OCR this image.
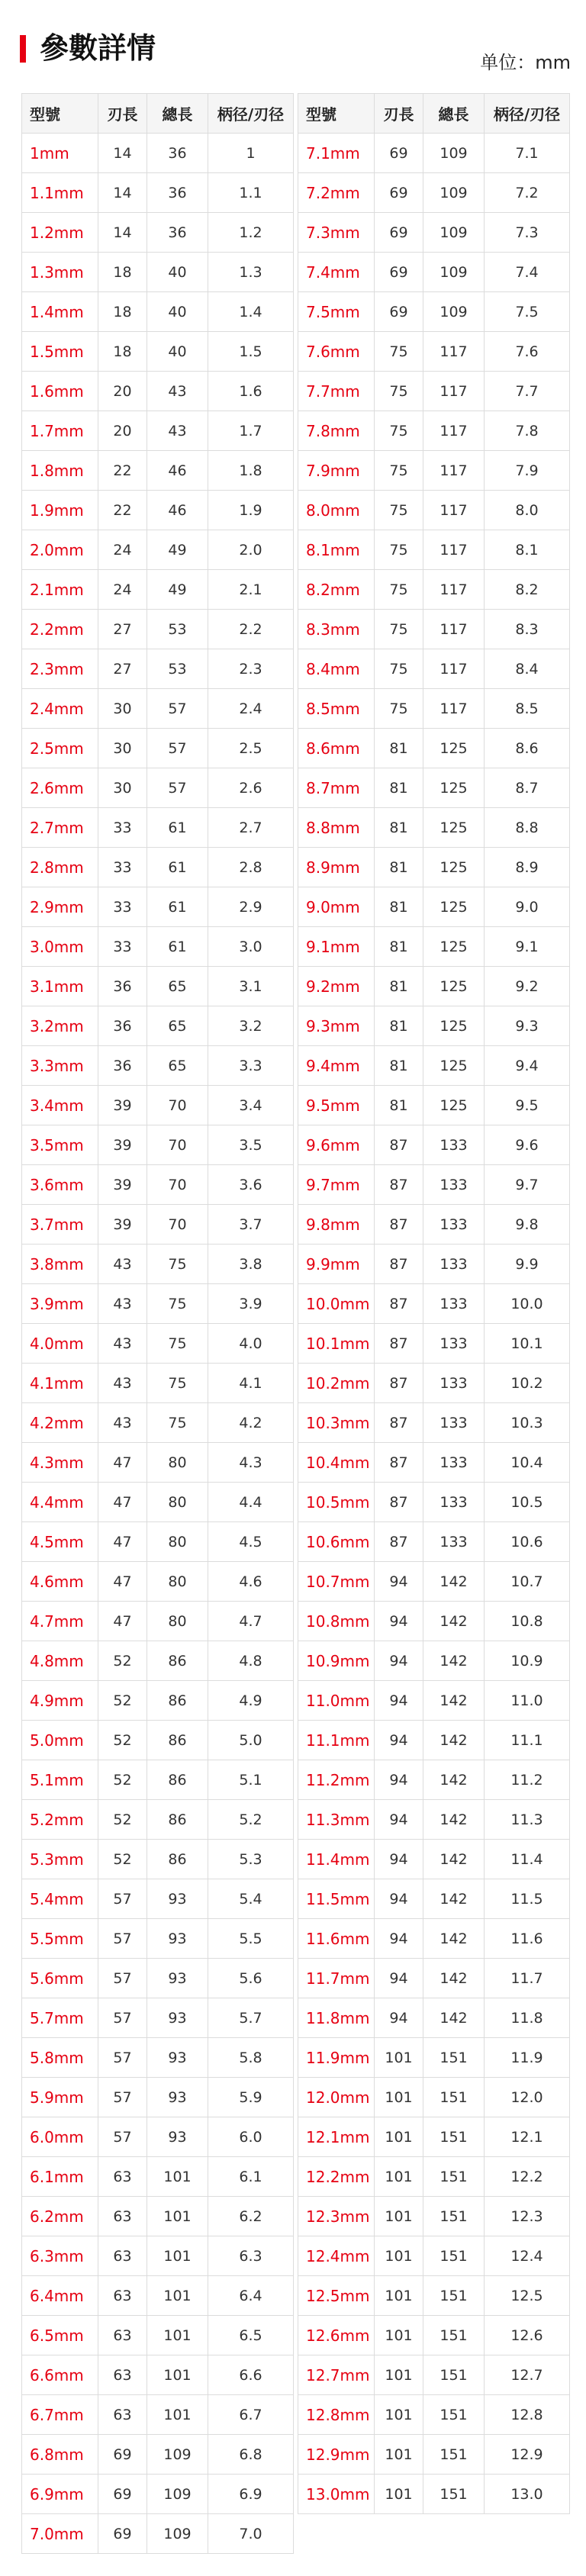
參數詳情	单位：mm
型號	刃長	總長	柄径/刃径
1mm	14	36	1
1.1mm	14	36	1.1
1.2mm	14	36	1.2
1.3mm	18	40	1.3
1.4mm	18	40	1.4
1.5mm	18	40	1.5
1.6mm	20	43	1.6
1.7mm	20	43	1.7
1.8mm	22	46	1.8
1.9mm	22	46	1.9
2.0mm	24	49	2.0
2.1mm	24	49	2.1
2.2mm	27	53	2.2
2.3mm	27	53	2.3
2.4mm	30	57	2.4
2.5mm	30	57	2.5
2.6mm	30	57	2.6
2.7mm	33	61	2.7
2.8mm	33	61	2.8
2.9mm	33	61	2.9
3.0mm	33	61	3.0
3.1mm	36	65	3.1
3.2mm	36	65	3.2
3.3mm	36	65	3.3
3.4mm	39	70	3.4
3.5mm	39	70	3.5
3.6mm	39	70	3.6
3.7mm	39	70	3.7
3.8mm	43	75	3.8
3.9mm	43	75	3.9
4.0mm	43	75	4.0
4.1mm	43	75	4.1
4.2mm	43	75	4.2
4.3mm	47	80	4.3
4.4mm	47	80	4.4
4.5mm	47	80	4.5
4.6mm	47	80	4.6
4.7mm	47	80	4.7
4.8mm	52	86	4.8
4.9mm	52	86	4.9
5.0mm	52	86	5.0
5.1mm	52	86	5.1
5.2mm	52	86	5.2
5.3mm	52	86	5.3
5.4mm	57	93	5.4
5.5mm	57	93	5.5
5.6mm	57	93	5.6
5.7mm	57	93	5.7
5.8mm	57	93	5.8
5.9mm	57	93	5.9
6.0mm	57	93	6.0
6.1mm	63	101	6.1
6.2mm	63	101	6.2
6.3mm	63	101	6.3
6.4mm	63	101	6.4
6.5mm	63	101	6.5
6.6mm	63	101	6.6
6.7mm	63	101	6.7
6.8mm	69	109	6.8
6.9mm	69	109	6.9
7.0mm	69	109	7.0
型號	刃長	總長	柄径/刃径
7.1mm	69	109	7.1
7.2mm	69	109	7.2
7.3mm	69	109	7.3
7.4mm	69	109	7.4
7.5mm	69	109	7.5
7.6mm	75	117	7.6
7.7mm	75	117	7.7
7.8mm	75	117	7.8
7.9mm	75	117	7.9
8.0mm	75	117	8.0
8.1mm	75	117	8.1
8.2mm	75	117	8.2
8.3mm	75	117	8.3
8.4mm	75	117	8.4
8.5mm	75	117	8.5
8.6mm	81	125	8.6
8.7mm	81	125	8.7
8.8mm	81	125	8.8
8.9mm	81	125	8.9
9.0mm	81	125	9.0
9.1mm	81	125	9.1
9.2mm	81	125	9.2
9.3mm	81	125	9.3
9.4mm	81	125	9.4
9.5mm	81	125	9.5
9.6mm	87	133	9.6
9.7mm	87	133	9.7
9.8mm	87	133	9.8
9.9mm	87	133	9.9
10.0mm	87	133	10.0
10.1mm	87	133	10.1
10.2mm	87	133	10.2
10.3mm	87	133	10.3
10.4mm	87	133	10.4
10.5mm	87	133	10.5
10.6mm	87	133	10.6
10.7mm	94	142	10.7
10.8mm	94	142	10.8
10.9mm	94	142	10.9
11.0mm	94	142	11.0
11.1mm	94	142	11.1
11.2mm	94	142	11.2
11.3mm	94	142	11.3
11.4mm	94	142	11.4
11.5mm	94	142	11.5
11.6mm	94	142	11.6
11.7mm	94	142	11.7
11.8mm	94	142	11.8
11.9mm	101	151	11.9
12.0mm	101	151	12.0
12.1mm	101	151	12.1
12.2mm	101	151	12.2
12.3mm	101	151	12.3
12.4mm	101	151	12.4
12.5mm	101	151	12.5
12.6mm	101	151	12.6
12.7mm	101	151	12.7
12.8mm	101	151	12.8
12.9mm	101	151	12.9
13.0mm	101	151	13.0
